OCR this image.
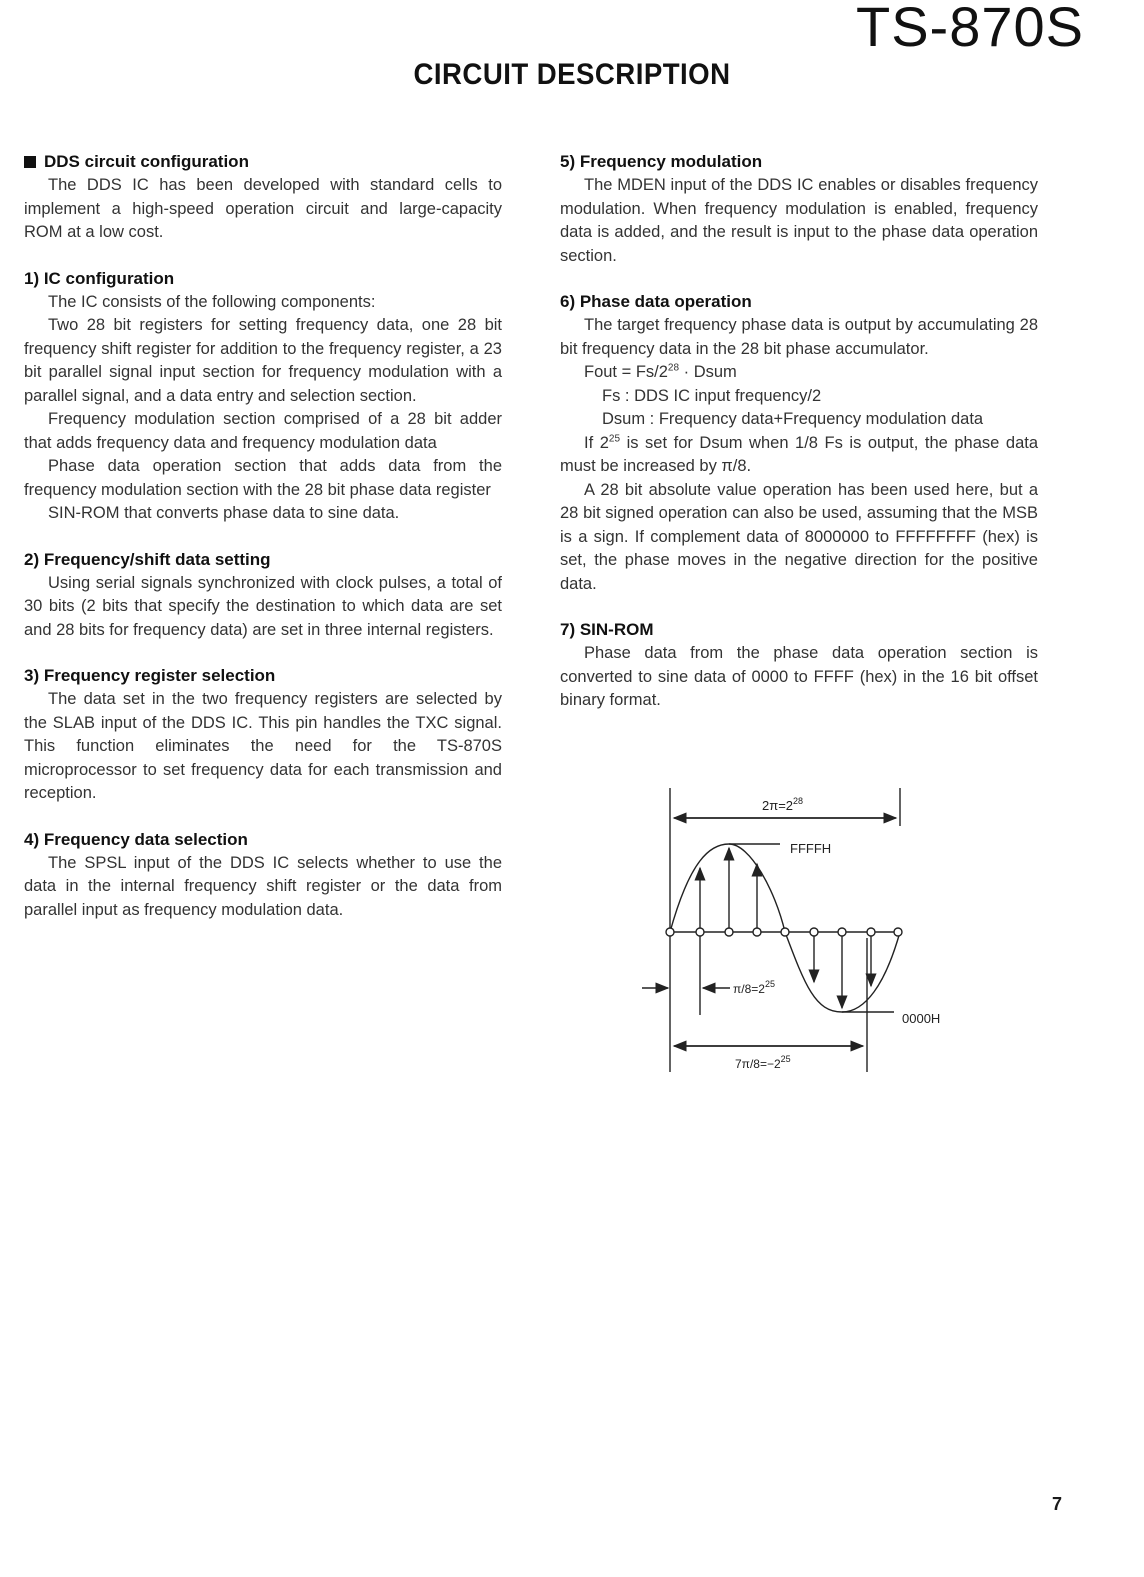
TS-870S
CIRCUIT DESCRIPTION
DDS circuit configuration

The DDS IC has been developed with standard cells to implement a high-speed operation circuit and large-capacity ROM at a low cost.

1) IC configuration

The IC consists of the following components:

Two 28 bit registers for setting frequency data, one 28 bit frequency shift register for addition to the frequency register, a 23 bit parallel signal input section for frequency modulation with a parallel signal, and a data entry and selection section.

Frequency modulation section comprised of a 28 bit adder that adds frequency data and frequency modulation data

Phase data operation section that adds data from the frequency modulation section with the 28 bit phase data register

SIN-ROM that converts phase data to sine data.

2) Frequency/shift data setting

Using serial signals synchronized with clock pulses, a total of 30 bits (2 bits that specify the destination to which data are set and 28 bits for frequency data) are set in three internal registers.

3) Frequency register selection

The data set in the two frequency registers are selected by the SLAB input of the DDS IC. This pin handles the TXC signal. This function eliminates the need for the TS-870S microprocessor to set frequency data for each transmission and reception.

4) Frequency data selection

The SPSL input of the DDS IC selects whether to use the data in the internal frequency shift register or the data from parallel input as frequency modulation data.

5) Frequency modulation

The MDEN input of the DDS IC enables or disables frequency modulation. When frequency modulation is enabled, frequency data is added, and the result is input to the phase data operation section.

6) Phase data operation

The target frequency phase data is output by accumulating 28 bit frequency data in the 28 bit phase accumulator.

Fout = $Fs/2^{28}$ · Dsum

Fs : DDS IC input frequency/2

Dsum : Frequency data+Frequency modulation data

If $2^{25}$ is set for Dsum when 1/8 Fs is output, the phase data must be increased by π/8.

A 28 bit absolute value operation has been used here, but a 28 bit signed operation can also be used, assuming that the MSB is a sign. If complement data of 8000000 to FFFFFFFF (hex) is set, the phase moves in the negative direction for the positive data.

7) SIN-ROM

Phase data from the phase data operation section is converted to sine data of 0000 to FFFF (hex) in the 16 bit offset binary format.

$2\pi=2^{28}$
FFFFH
$\pi/8=2^{25}$
0000H
$7\pi/8=-2^{25}$
7
